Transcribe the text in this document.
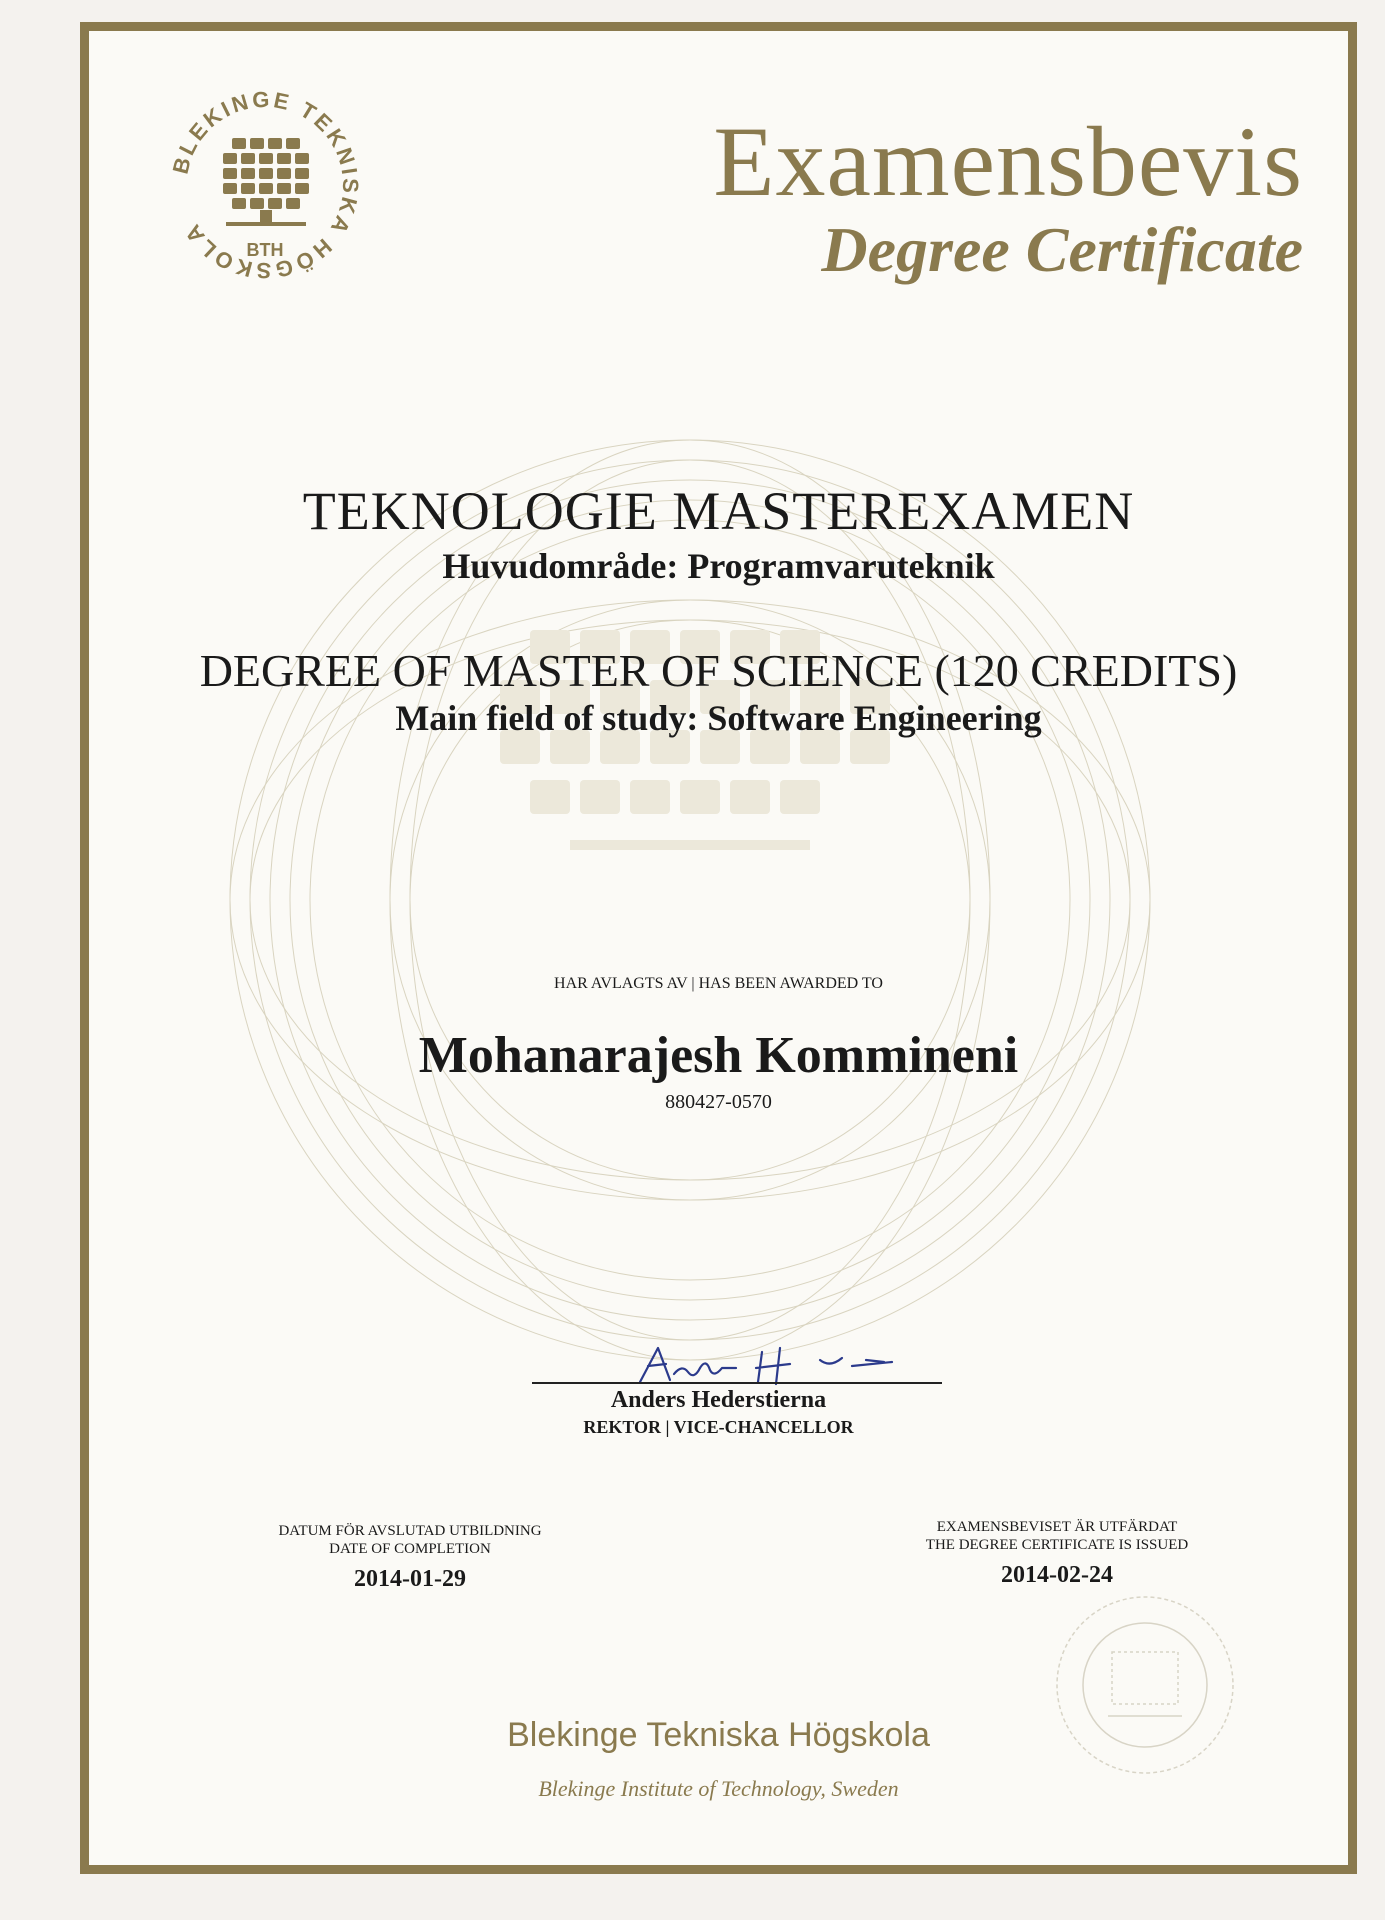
BLEKINGE TEKNISKA HÖGSKOLA
BTH
Examensbevis
Degree Certificate
TEKNOLOGIE MASTEREXAMEN

Huvudområde: Programvaruteknik

DEGREE OF MASTER OF SCIENCE (120 CREDITS)

Main field of study: Software Engineering

HAR AVLAGTS AV | HAS BEEN AWARDED TO

Mohanarajesh Kommineni

880427-0570

Anders Hederstierna

REKTOR | VICE-CHANCELLOR

DATUM FÖR AVSLUTAD UTBILDNING
DATE OF COMPLETION
2014-01-29
EXAMENSBEVISET ÄR UTFÄRDAT
THE DEGREE CERTIFICATE IS ISSUED
2014-02-24

Blekinge Tekniska Högskola

Blekinge Institute of Technology, Sweden
